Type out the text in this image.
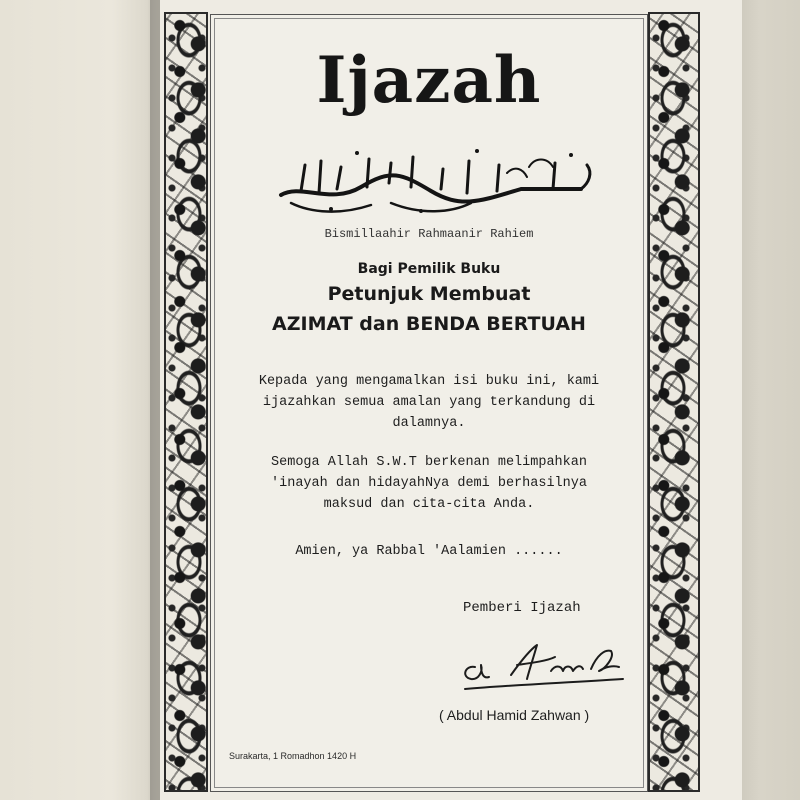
Ijazah
Bismillaahir Rahmaanir Rahiem
Bagi Pemilik Buku
Petunjuk Membuat
AZIMAT dan BENDA BERTUAH
Kepada yang mengamalkan isi buku ini, kami
ijazahkan semua amalan yang terkandung di
dalamnya.
Semoga Allah S.W.T berkenan melimpahkan
'inayah dan hidayahNya demi berhasilnya
maksud dan cita-cita Anda.
Amien, ya Rabbal 'Aalamien ......
Pemberi Ijazah
( Abdul Hamid Zahwan )
Surakarta, 1 Romadhon 1420 H
